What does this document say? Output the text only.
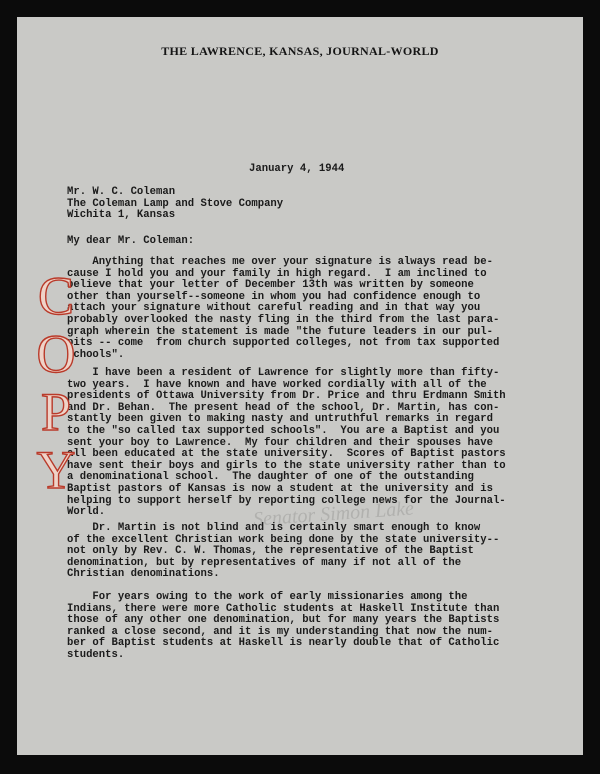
THE LAWRENCE, KANSAS, JOURNAL-WORLD
January 4, 1944
Mr. W. C. Coleman
The Coleman Lamp and Stove Company
Wichita 1, Kansas
My dear Mr. Coleman:
Anything that reaches me over your signature is always read be-
cause I hold you and your family in high regard.  I am inclined to
believe that your letter of December 13th was written by someone
other than yourself--someone in whom you had confidence enough to
attach your signature without careful reading and in that way you
probably overlooked the nasty fling in the third from the last para-
graph wherein the statement is made "the future leaders in our pul-
pits -- come  from church supported colleges, not from tax supported
schools".
I have been a resident of Lawrence for slightly more than fifty-
two years.  I have known and have worked cordially with all of the
presidents of Ottawa University from Dr. Price and thru Erdmann Smith
and Dr. Behan.  The present head of the school, Dr. Martin, has con-
stantly been given to making nasty and untruthful remarks in regard
to the "so called tax supported schools".  You are a Baptist and you
sent your boy to Lawrence.  My four children and their spouses have
all been educated at the state university.  Scores of Baptist pastors
have sent their boys and girls to the state university rather than to
a denominational school.  The daughter of one of the outstanding
Baptist pastors of Kansas is now a student at the university and is
helping to support herself by reporting college news for the Journal-
World.
Dr. Martin is not blind and is certainly smart enough to know
of the excellent Christian work being done by the state university--
not only by Rev. C. W. Thomas, the representative of the Baptist
denomination, but by representatives of many if not all of the
Christian denominations.
For years owing to the work of early missionaries among the
Indians, there were more Catholic students at Haskell Institute than
those of any other one denomination, but for many years the Baptists
ranked a close second, and it is my understanding that now the num-
ber of Baptist students at Haskell is nearly double that of Catholic
students.
C
O
P
Y
Senator Simon Lake
